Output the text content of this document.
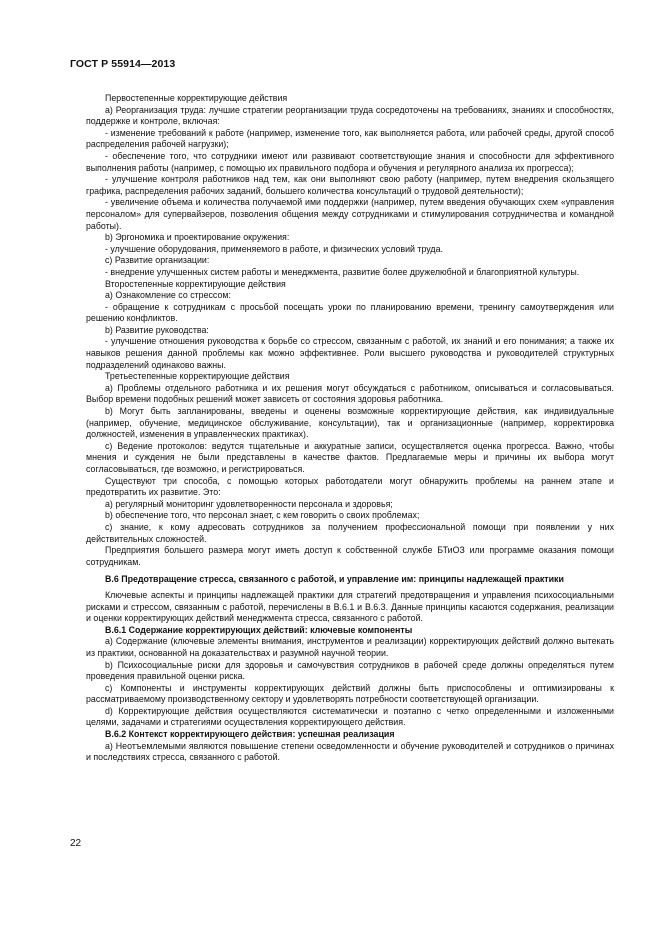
ГОСТ Р 55914—2013

Первостепенные корректирующие действия

а) Реорганизация труда: лучшие стратегии реорганизации труда сосредоточены на требованиях, знаниях и способностях, поддержке и контроле, включая:

- изменение требований к работе (например, изменение того, как выполняется работа, или рабочей среды, другой способ распределения рабочей нагрузки);

- обеспечение того, что сотрудники имеют или развивают соответствующие знания и способности для эффективного выполнения работы (например, с помощью их правильного подбора и обучения и регулярного анализа их прогресса);

- улучшение контроля работников над тем, как они выполняют свою работу (например, путем внедрения скользящего графика, распределения рабочих заданий, большего количества консультаций о трудовой деятельности);

- увеличение объема и количества получаемой ими поддержки (например, путем введения обучающих схем «управления персоналом» для супервайзеров, позволения общения между сотрудниками и стимулирования сотрудничества и командной работы).

b) Эргономика и проектирование окружения:

- улучшение оборудования, применяемого в работе, и физических условий труда.

c) Развитие организации:

- внедрение улучшенных систем работы и менеджмента, развитие более дружелюбной и благоприятной культуры.

Второстепенные корректирующие действия

а) Ознакомление со стрессом:

- обращение к сотрудникам с просьбой посещать уроки по планированию времени, тренингу самоутверждения или решению конфликтов.

b) Развитие руководства:

- улучшение отношения руководства к борьбе со стрессом, связанным с работой, их знаний и его понимания; а также их навыков решения данной проблемы как можно эффективнее. Роли высшего руководства и руководителей структурных подразделений одинаково важны.

Третьестепенные корректирующие действия

а) Проблемы отдельного работника и их решения могут обсуждаться с работником, описываться и согласовываться. Выбор времени подобных решений может зависеть от состояния здоровья работника.

b) Могут быть запланированы, введены и оценены возможные корректирующие действия, как индивидуальные (например, обучение, медицинское обслуживание, консультации), так и организационные (например, корректировка должностей, изменения в управленческих практиках).

c) Ведение протоколов: ведутся тщательные и аккуратные записи, осуществляется оценка прогресса. Важно, чтобы мнения и суждения не были представлены в качестве фактов. Предлагаемые меры и причины их выбора могут согласовываться, где возможно, и регистрироваться.

Существуют три способа, с помощью которых работодатели могут обнаружить проблемы на раннем этапе и предотвратить их развитие. Это:

а) регулярный мониторинг удовлетворенности персонала и здоровья;

b) обеспечение того, что персонал знает, с кем говорить о своих проблемах;

c) знание, к кому адресовать сотрудников за получением профессиональной помощи при появлении у них действительных сложностей.

Предприятия большего размера могут иметь доступ к собственной службе БТиОЗ или программе оказания помощи сотрудникам.

В.6 Предотвращение стресса, связанного с работой, и управление им: принципы надлежащей практики

Ключевые аспекты и принципы надлежащей практики для стратегий предотвращения и управления психосоциальными рисками и стрессом, связанным с работой, перечислены в В.6.1 и В.6.3. Данные принципы касаются содержания, реализации и оценки корректирующих действий менеджмента стресса, связанного с работой.

В.6.1 Содержание корректирующих действий: ключевые компоненты

а) Содержание (ключевые элементы внимания, инструментов и реализации) корректирующих действий должно вытекать из практики, основанной на доказательствах и разумной научной теории.

b) Психосоциальные риски для здоровья и самочувствия сотрудников в рабочей среде должны определяться путем проведения правильной оценки риска.

c) Компоненты и инструменты корректирующих действий должны быть приспособлены и оптимизированы к рассматриваемому производственному сектору и удовлетворять потребности соответствующей организации.

d) Корректирующие действия осуществляются систематически и поэтапно с четко определенными и изложенными целями, задачами и стратегиями осуществления корректирующего действия.

В.6.2 Контекст корректирующего действия: успешная реализация

а) Неотъемлемыми являются повышение степени осведомленности и обучение руководителей и сотрудников о причинах и последствиях стресса, связанного с работой.

22
